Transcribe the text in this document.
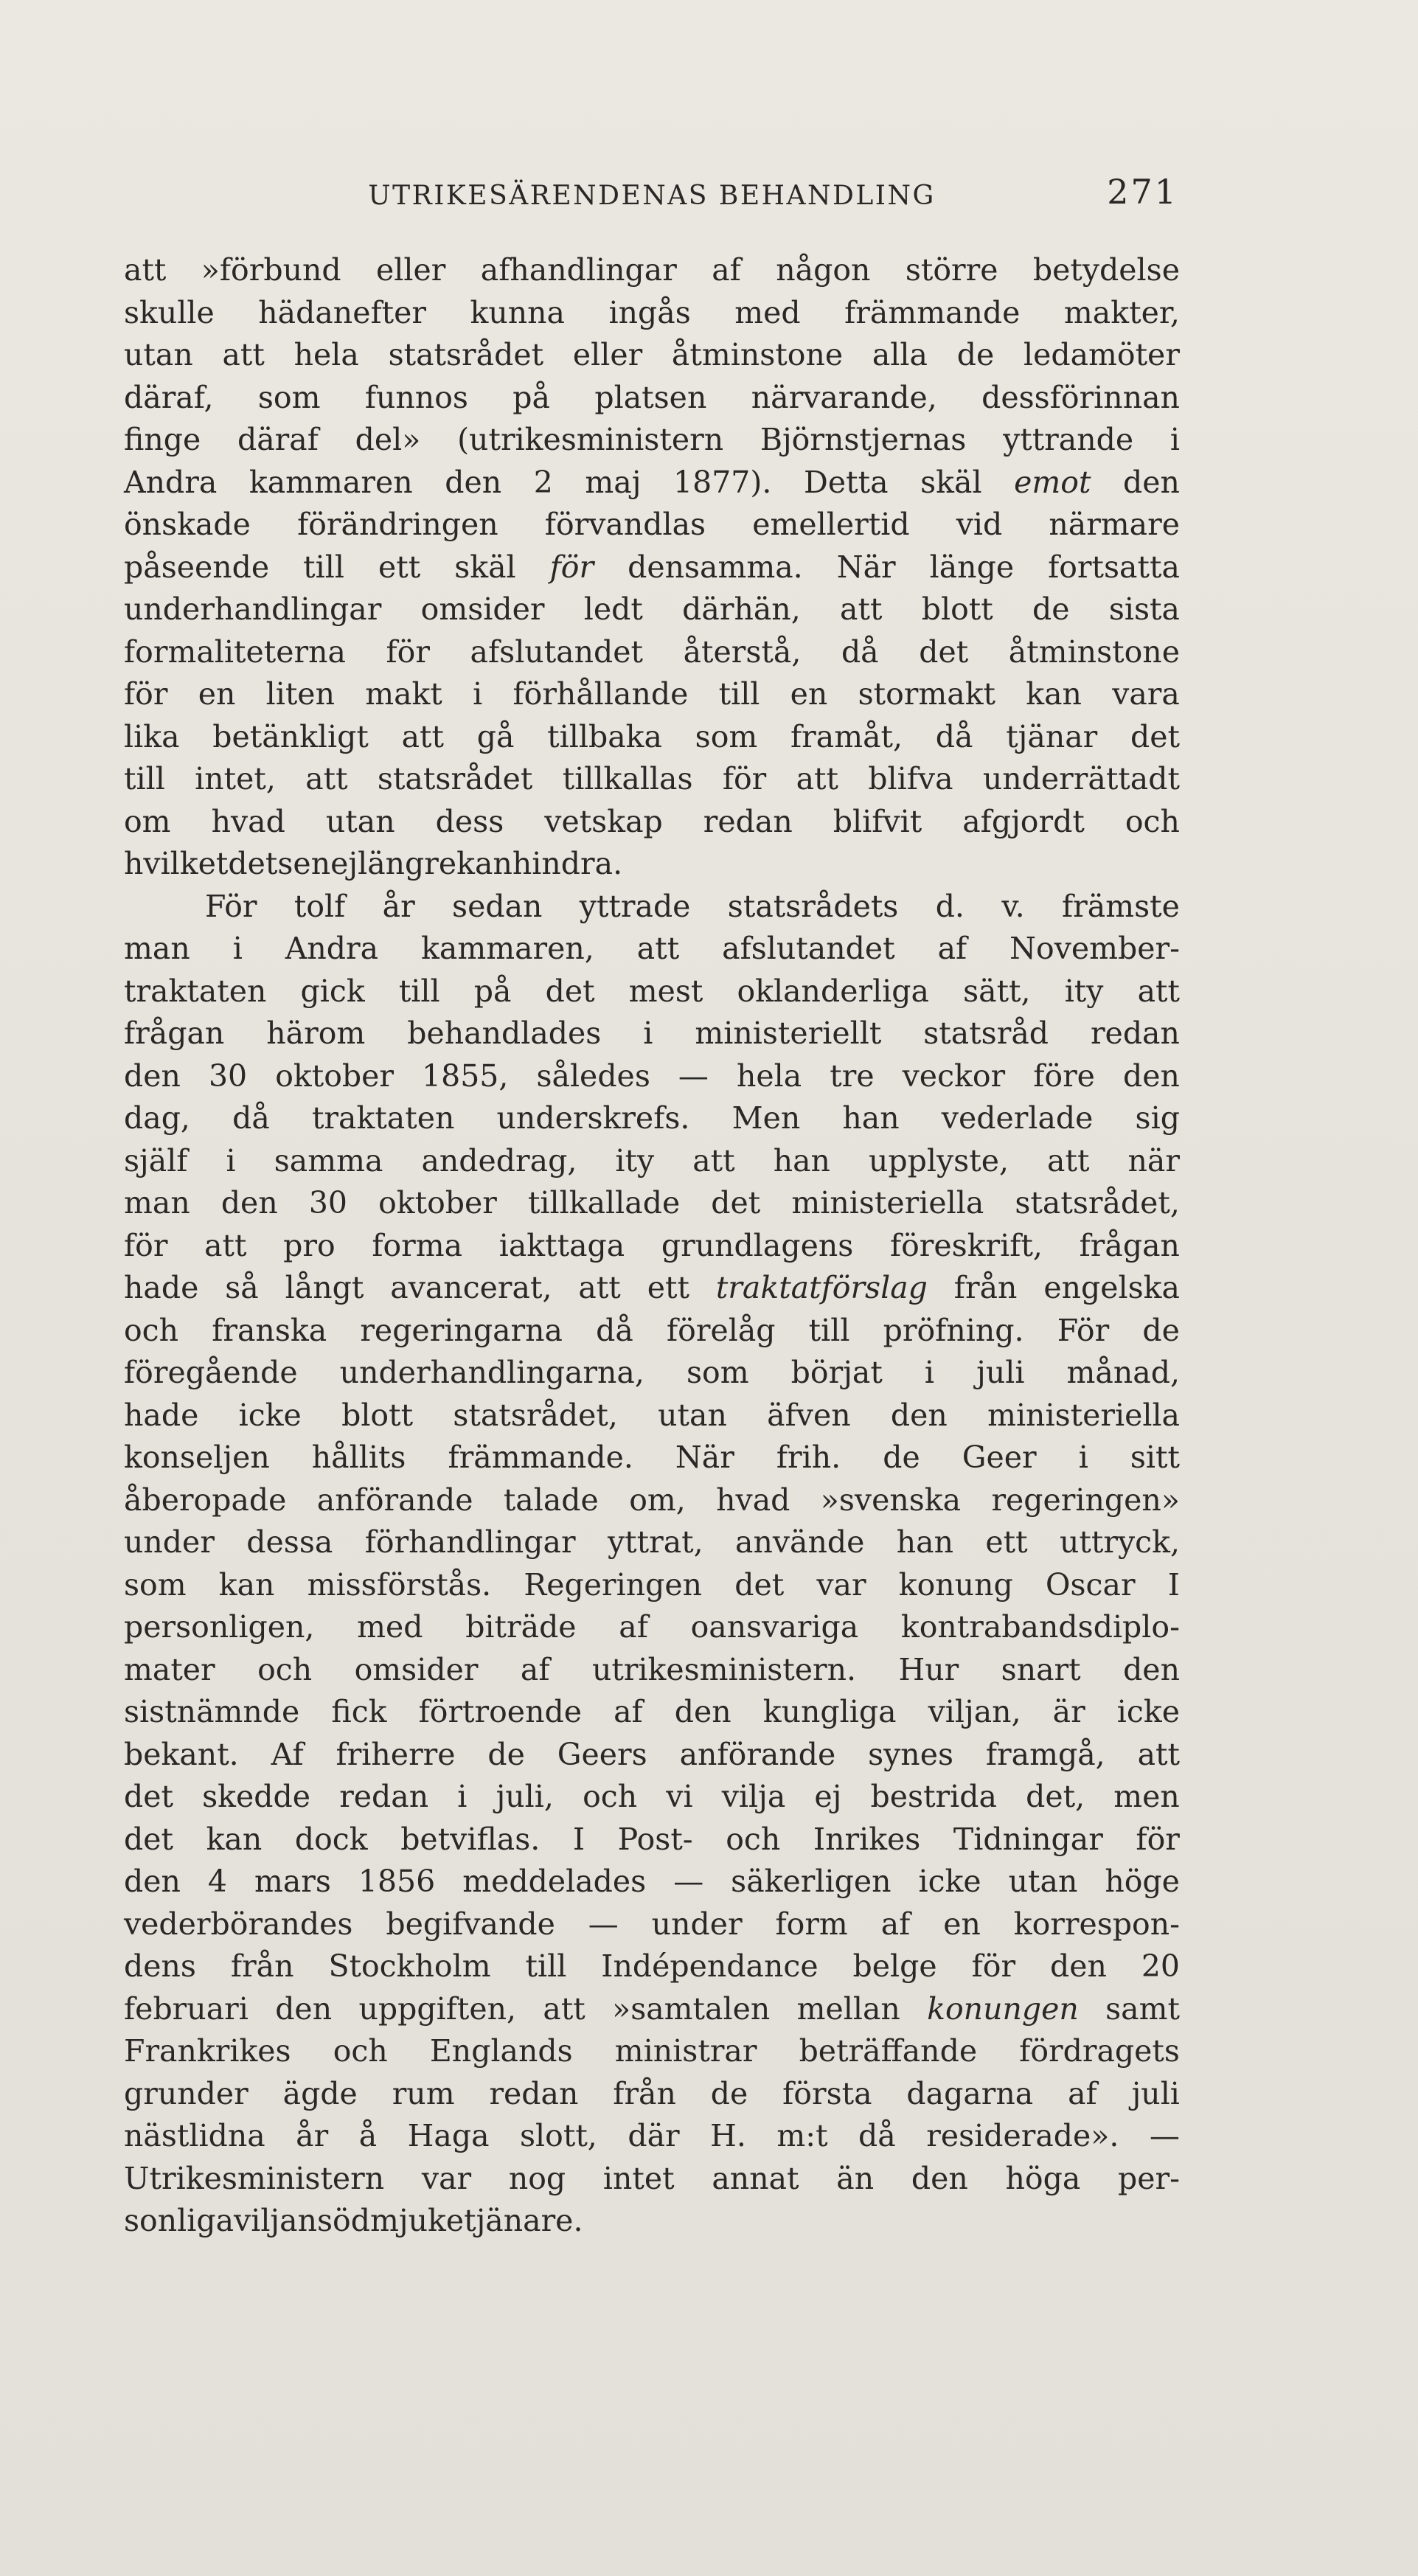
UTRIKESÄRENDENAS BEHANDLING	271
att »förbund eller afhandlingar af någon större betydelse
skulle hädanefter kunna ingås med främmande makter,
utan att hela statsrådet eller åtminstone alla de ledamöter
däraf, som funnos på platsen närvarande, dessförinnan
finge däraf del» (utrikesministern Björnstjernas yttrande i
Andra kammaren den 2 maj 1877). Detta skäl emot den
önskade förändringen förvandlas emellertid vid närmare
påseende till ett skäl för densamma. När länge fortsatta
underhandlingar omsider ledt därhän, att blott de sista
formaliteterna för afslutandet återstå, då det åtminstone
för en liten makt i förhållande till en stormakt kan vara
lika betänkligt att gå tillbaka som framåt, då tjänar det
till intet, att statsrådet tillkallas för att blifva underrättadt
om hvad utan dess vetskap redan blifvit afgjordt och
hvilket det sen ej längre kan hindra.
För tolf år sedan yttrade statsrådets d. v. främste
man i Andra kammaren, att afslutandet af November-
traktaten gick till på det mest oklanderliga sätt, ity att
frågan härom behandlades i ministeriellt statsråd redan
den 30 oktober 1855, således — hela tre veckor före den
dag, då traktaten underskrefs. Men han vederlade sig
själf i samma andedrag, ity att han upplyste, att när
man den 30 oktober tillkallade det ministeriella statsrådet,
för att pro forma iakttaga grundlagens föreskrift, frågan
hade så långt avancerat, att ett traktatförslag från engelska
och franska regeringarna då förelåg till pröfning. För de
föregående underhandlingarna, som börjat i juli månad,
hade icke blott statsrådet, utan äfven den ministeriella
konseljen hållits främmande. När frih. de Geer i sitt
åberopade anförande talade om, hvad »svenska regeringen»
under dessa förhandlingar yttrat, använde han ett uttryck,
som kan missförstås. Regeringen det var konung Oscar I
personligen, med biträde af oansvariga kontrabandsdiplo-
mater och omsider af utrikesministern. Hur snart den
sistnämnde fick förtroende af den kungliga viljan, är icke
bekant. Af friherre de Geers anförande synes framgå, att
det skedde redan i juli, och vi vilja ej bestrida det, men
det kan dock betviflas. I Post- och Inrikes Tidningar för
den 4 mars 1856 meddelades — säkerligen icke utan höge
vederbörandes begifvande — under form af en korrespon-
dens från Stockholm till Indépendance belge för den 20
februari den uppgiften, att »samtalen mellan konungen samt
Frankrikes och Englands ministrar beträffande fördragets
grunder ägde rum redan från de första dagarna af juli
nästlidna år å Haga slott, där H. m:t då residerade». —
Utrikesministern var nog intet annat än den höga per-
sonliga viljans ödmjuke tjänare.
